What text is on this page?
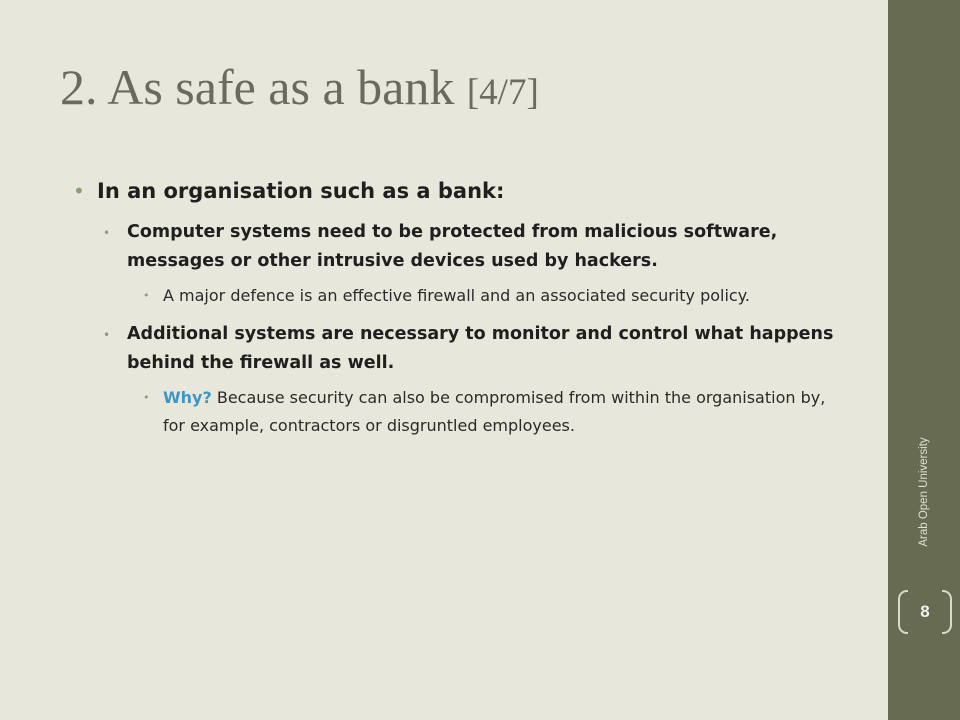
2. As safe as a bank [4/7]
• In an organisation such as a bank:
• Computer systems need to be protected from malicious software, messages or other intrusive devices used by hackers.
• A major defence is an effective firewall and an associated security policy.
• Additional systems are necessary to monitor and control what happens behind the firewall as well.
• Why? Because security can also be compromised from within the organisation by, for example, contractors or disgruntled employees.
Arab Open University
8
